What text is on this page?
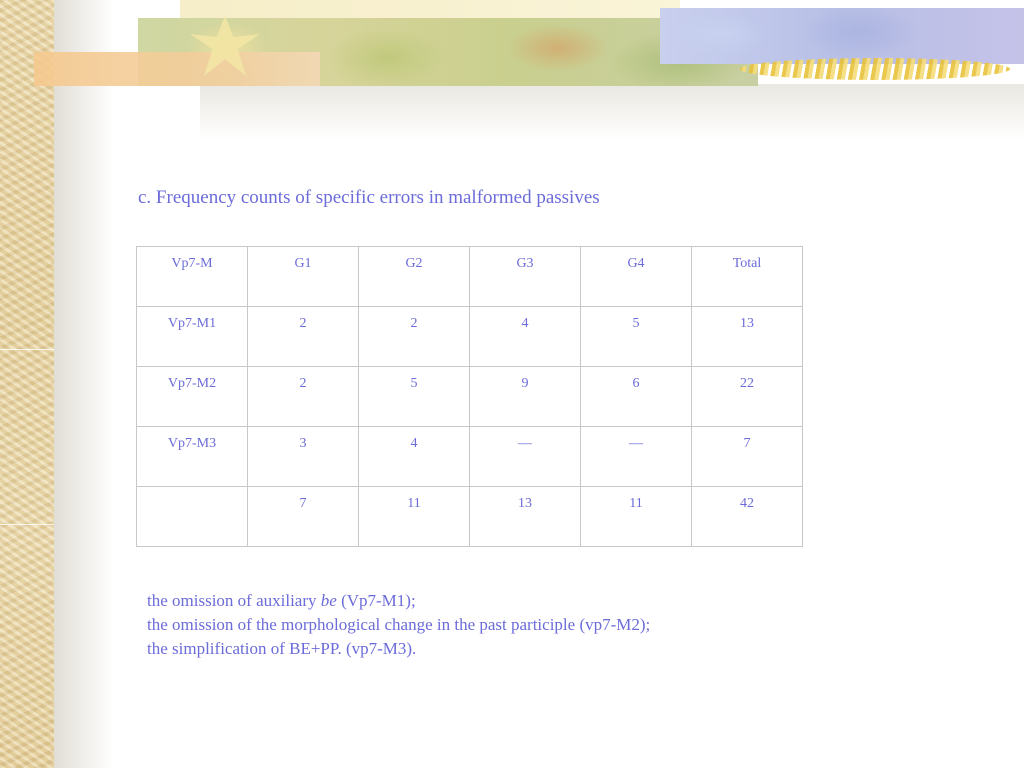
c. Frequency counts of specific errors in malformed passives
Vp7-M	G1	G2	G3	G4	Total
Vp7-M1	2	2	4	5	13
Vp7-M2	2	5	9	6	22
Vp7-M3	3	4	—	—	7
	7	11	13	11	42
the omission of auxiliary be (Vp7-M1);
the omission of the morphological change in the past participle (vp7-M2);
the simplification of BE+PP. (vp7-M3).
